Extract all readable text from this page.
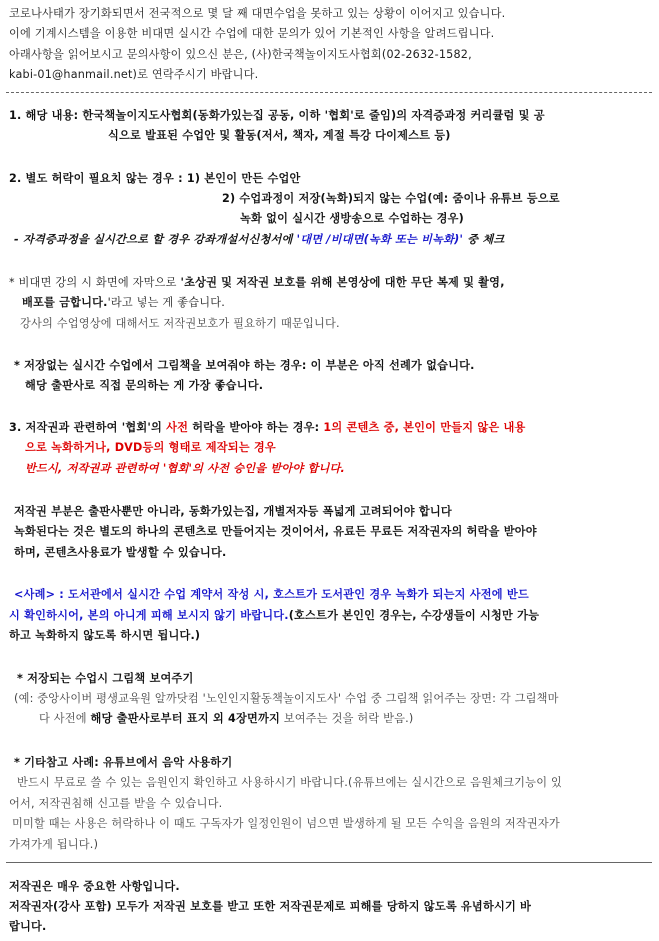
코로나사태가 장기화되면서 전국적으로 몇 달 째 대면수업을 못하고 있는 상황이 이어지고 있습니다.
이에 기계시스템을 이용한 비대면 실시간 수업에 대한 문의가 있어 기본적인 사항을 알려드립니다.
아래사항을 읽어보시고 문의사항이 있으신 분은, (사)한국책놀이지도사협회(02-2632-1582,
kabi-01@hanmail.net)로 연락주시기 바랍니다.
1. 해당 내용: 한국책놀이지도사협회(동화가있는집 공동, 이하 '협회'로 줄임)의 자격증과정 커리큘럼 및 공
식으로 발표된 수업안 및 활동(저서, 책자, 계절 특강 다이제스트 등)
2. 별도 허락이 필요치 않는 경우 : 1) 본인이 만든 수업안
2) 수업과정이 저장(녹화)되지 않는 수업(예: 줌이나 유튜브 등으로
녹화 없이 실시간 생방송으로 수업하는 경우)
- 자격증과정을 실시간으로 할 경우 강좌개설서신청서에 '대면 /비대면(녹화 또는 비녹화)' 중 체크
* 비대면 강의 시 화면에 자막으로 '초상권 및 저작권 보호를 위해 본영상에 대한 무단 복제 및 촬영,
배포를 금합니다.'라고 넣는 게 좋습니다.
강사의 수업영상에 대해서도 저작권보호가 필요하기 때문입니다.
* 저장없는 실시간 수업에서 그림책을 보여줘야 하는 경우: 이 부분은 아직 선례가 없습니다.
해당 출판사로 직접 문의하는 게 가장 좋습니다.
3. 저작권과 관련하여 '협회'의 사전 허락을 받아야 하는 경우: 1의 콘텐츠 중, 본인이 만들지 않은 내용
으로 녹화하거나, DVD등의 형태로 제작되는 경우
반드시, 저작권과 관련하여 '협회'의 사전 승인을 받아야 합니다.
저작권 부분은 출판사뿐만 아니라, 동화가있는집, 개별저자등 폭넓게 고려되어야 합니다
녹화된다는 것은 별도의 하나의 콘텐츠로 만들어지는 것이어서, 유료든 무료든 저작권자의 허락을 받아야
하며, 콘텐츠사용료가 발생할 수 있습니다.
<사례> : 도서관에서 실시간 수업 계약서 작성 시, 호스트가 도서관인 경우 녹화가 되는지 사전에 반드
시 확인하시어, 본의 아니게 피해 보시지 않기 바랍니다.(호스트가 본인인 경우는, 수강생들이 시청만 가능
하고 녹화하지 않도록 하시면 됩니다.)
* 저장되는 수업시 그림책 보여주기
(예: 중앙사이버 평생교육원 알까닷컴 '노인인지활동책놀이지도사' 수업 중 그림책 읽어주는 장면: 각 그림책마
다 사전에 해당 출판사로부터 표지 외 4장면까지 보여주는 것을 허락 받음.)
* 기타참고 사례: 유튜브에서 음악 사용하기
반드시 무료로 쓸 수 있는 음원인지 확인하고 사용하시기 바랍니다.(유튜브에는 실시간으로 음원체크기능이 있
어서, 저작권침해 신고를 받을 수 있습니다.
미미할 때는 사용은 허락하나 이 때도 구독자가 일정인원이 넘으면 발생하게 될 모든 수익을 음원의 저작권자가
가져가게 됩니다.)
저작권은 매우 중요한 사항입니다.
저작권자(강사 포함) 모두가 저작권 보호를 받고 또한 저작권문제로 피해를 당하지 않도록 유념하시기 바
랍니다.
